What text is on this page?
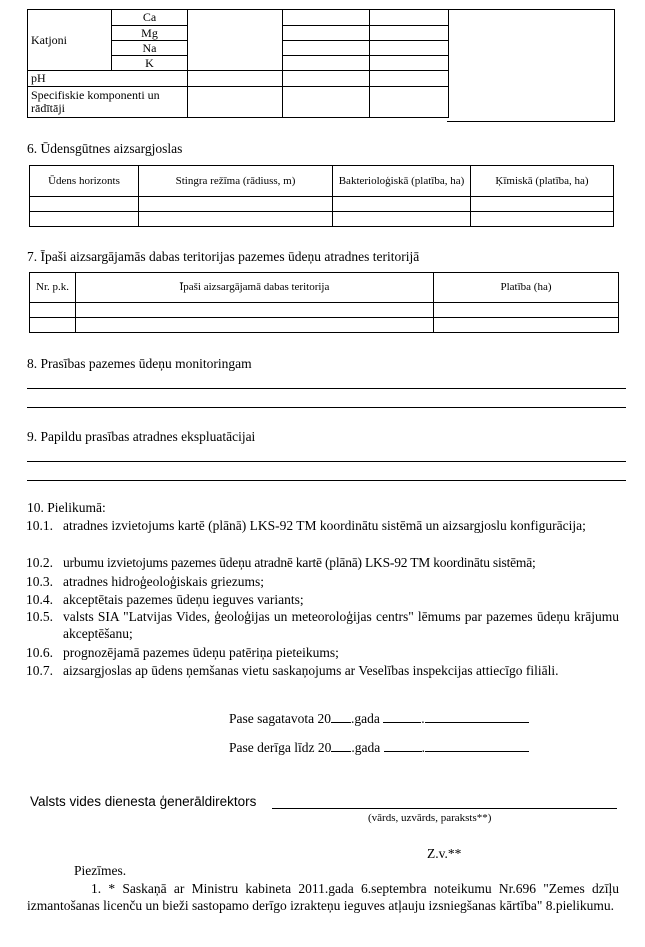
Katjoni	Ca			
	Mg			
	Na			
	K			
pH				
Specifiskie komponenti un rādītāji				
6. Ūdensgūtnes aizsargjoslas
Ūdens horizonts	Stingra režīma (rādiuss, m)	Bakterioloģiskā (platība, ha)	Ķīmiskā (platība, ha)

7. Īpaši aizsargājamās dabas teritorijas pazemes ūdeņu atradnes teritorijā
Nr. p.k.	Īpaši aizsargājamā dabas teritorija	Platība (ha)

8. Prasības pazemes ūdeņu monitoringam
9. Papildu prasības atradnes ekspluatācijai
10. Pielikumā:
10.1. atradnes izvietojums kartē (plānā) LKS-92 TM koordinātu sistēmā un aizsargjoslu konfigurācija;
10.2. urbumu izvietojums pazemes ūdeņu atradnē kartē (plānā) LKS-92 TM koordinātu sistēmā;
10.3. atradnes hidroģeoloģiskais griezums;
10.4. akceptētais pazemes ūdeņu ieguves variants;
10.5. valsts SIA "Latvijas Vides, ģeoloģijas un meteoroloģijas centrs" lēmums par pazemes ūdeņu krājumu akceptēšanu;
10.6. prognozējamā pazemes ūdeņu patēriņa pieteikums;
10.7. aizsargjoslas ap ūdens ņemšanas vietu saskaņojums ar Veselības inspekcijas attiecīgo filiāli.
Pase sagatavota 20 .gada	.
Pase derīga līdz 20 .gada	.
Valsts vides dienesta ģenerāldirektors
(vārds, uzvārds, paraksts**)
Z.v.**
Piezīmes.
1. * Saskaņā ar Ministru kabineta 2011.gada 6.septembra noteikumu Nr.696 "Zemes dzīļu izmantošanas licenču un bieži sastopamo derīgo izrakteņu ieguves atļauju izsniegšanas kārtība" 8.pielikumu.
